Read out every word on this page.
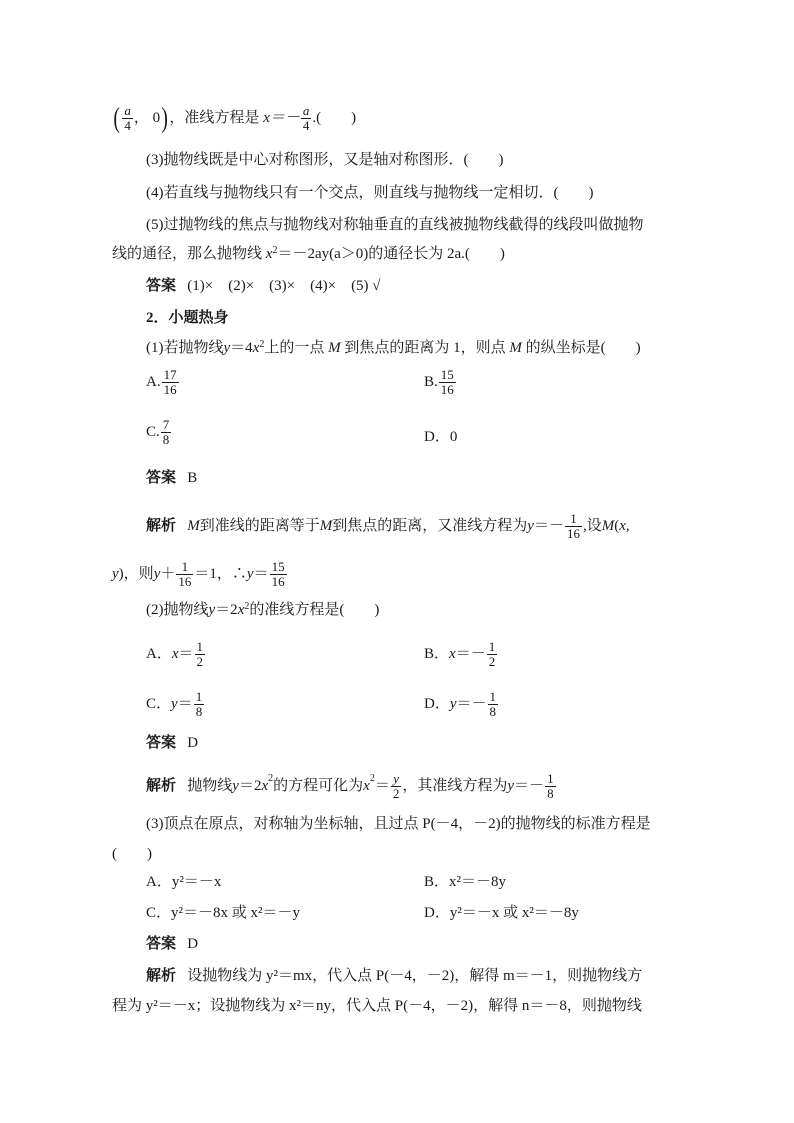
( $\frac{a}{4}$ ， 0)，准线方程是 $x=- \frac{a}{4}$ .(　　)
(3)抛物线既是中心对称图形，又是轴对称图形．(　　)
(4)若直线与抛物线只有一个交点，则直线与抛物线一定相切．(　　)
(5)过抛物线的焦点与抛物线对称轴垂直的直线被抛物线截得的线段叫做抛物
线的通径，那么抛物线 $x^2=-2ay(a>0)$的通径长为 2a.(　　)
答案 (1)×　(2)×　(3)×　(4)×　(5) √
2．小题热身
(1)若抛物线$y=4x^2$上的一点 M 到焦点的距离为 1，则点 M 的纵坐标是(　　)
A. $\frac{17}{16}$	B. $\frac{15}{16}$
C. $\frac{7}{8}$	D．0
答案 B
解析 M到准线的距离等于M到焦点的距离，又准线方程为$y=- \frac{1}{16}$ ,设M(x,
y)，则$y+ \frac{1}{16} =1$，∴y＝ $\frac{15}{16}$
(2)抛物线$y=2x^2$的准线方程是(　　)
A．$x= \frac{1}{2}$	B．$x=- \frac{1}{2}$
C．$y= \frac{1}{8}$	D．$y=- \frac{1}{8}$
答案 D
解析 抛物线$y=2x^2$的方程可化为$x^2= \frac{y}{2}$ ，其准线方程为$y=- \frac{1}{8}$
(3)顶点在原点，对称轴为坐标轴，且过点 P(－4，－2)的抛物线的标准方程是
(　　)
A．y²＝－x	B．x²＝－8y
C．y²＝－8x 或 x²＝－y	D．y²＝－x 或 x²＝－8y
答案 D
解析 设抛物线为 y²＝mx，代入点 P(－4，－2)，解得 m＝－1，则抛物线方
程为 y²＝－x；设抛物线为 x²＝ny，代入点 P(－4，－2)，解得 n＝－8，则抛物线
